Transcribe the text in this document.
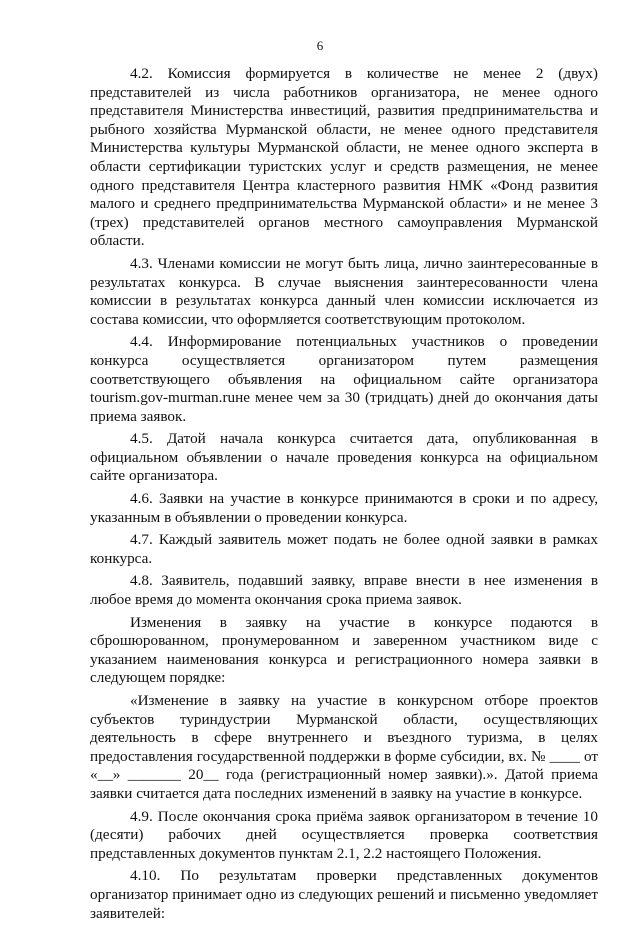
6

4.2. Комиссия формируется в количестве не менее 2 (двух) представителей из числа работников организатора, не менее одного представителя Министерства инвестиций, развития предпринимательства и рыбного хозяйства Мурманской области, не менее одного представителя Министерства культуры Мурманской области, не менее одного эксперта в области сертификации туристских услуг и средств размещения, не менее одного представителя Центра кластерного развития НМК «Фонд развития малого и среднего предпринимательства Мурманской области» и не менее 3 (трех) представителей органов местного самоуправления Мурманской области.

4.3. Членами комиссии не могут быть лица, лично заинтересованные в результатах конкурса. В случае выяснения заинтересованности члена комиссии в результатах конкурса данный член комиссии исключается из состава комиссии, что оформляется соответствующим протоколом.

4.4. Информирование потенциальных участников о проведении конкурса осуществляется организатором путем размещения соответствующего объявления на официальном сайте организатора tourism.gov-murman.ruне менее чем за 30 (тридцать) дней до окончания даты приема заявок.

4.5. Датой начала конкурса считается дата, опубликованная в официальном объявлении о начале проведения конкурса на официальном сайте организатора.

4.6. Заявки на участие в конкурсе принимаются в сроки и по адресу, указанным в объявлении о проведении конкурса.

4.7. Каждый заявитель может подать не более одной заявки в рамках конкурса.

4.8. Заявитель, подавший заявку, вправе внести в нее изменения в любое время до момента окончания срока приема заявок.

Изменения в заявку на участие в конкурсе подаются в сброшюрованном, пронумерованном и заверенном участником виде с указанием наименования конкурса и регистрационного номера заявки в следующем порядке:

«Изменение в заявку на участие в конкурсном отборе проектов субъектов туриндустрии Мурманской области, осуществляющих деятельность в сфере внутреннего и въездного туризма, в целях предоставления государственной поддержки в форме субсидии, вх. № ____ от «__» _______ 20__ года (регистрационный номер заявки).». Датой приема заявки считается дата последних изменений в заявку на участие в конкурсе.

4.9. После окончания срока приёма заявок организатором в течение 10 (десяти) рабочих дней осуществляется проверка соответствия представленных документов пунктам 2.1, 2.2 настоящего Положения.

4.10. По результатам проверки представленных документов организатор принимает одно из следующих решений и письменно уведомляет заявителей:
